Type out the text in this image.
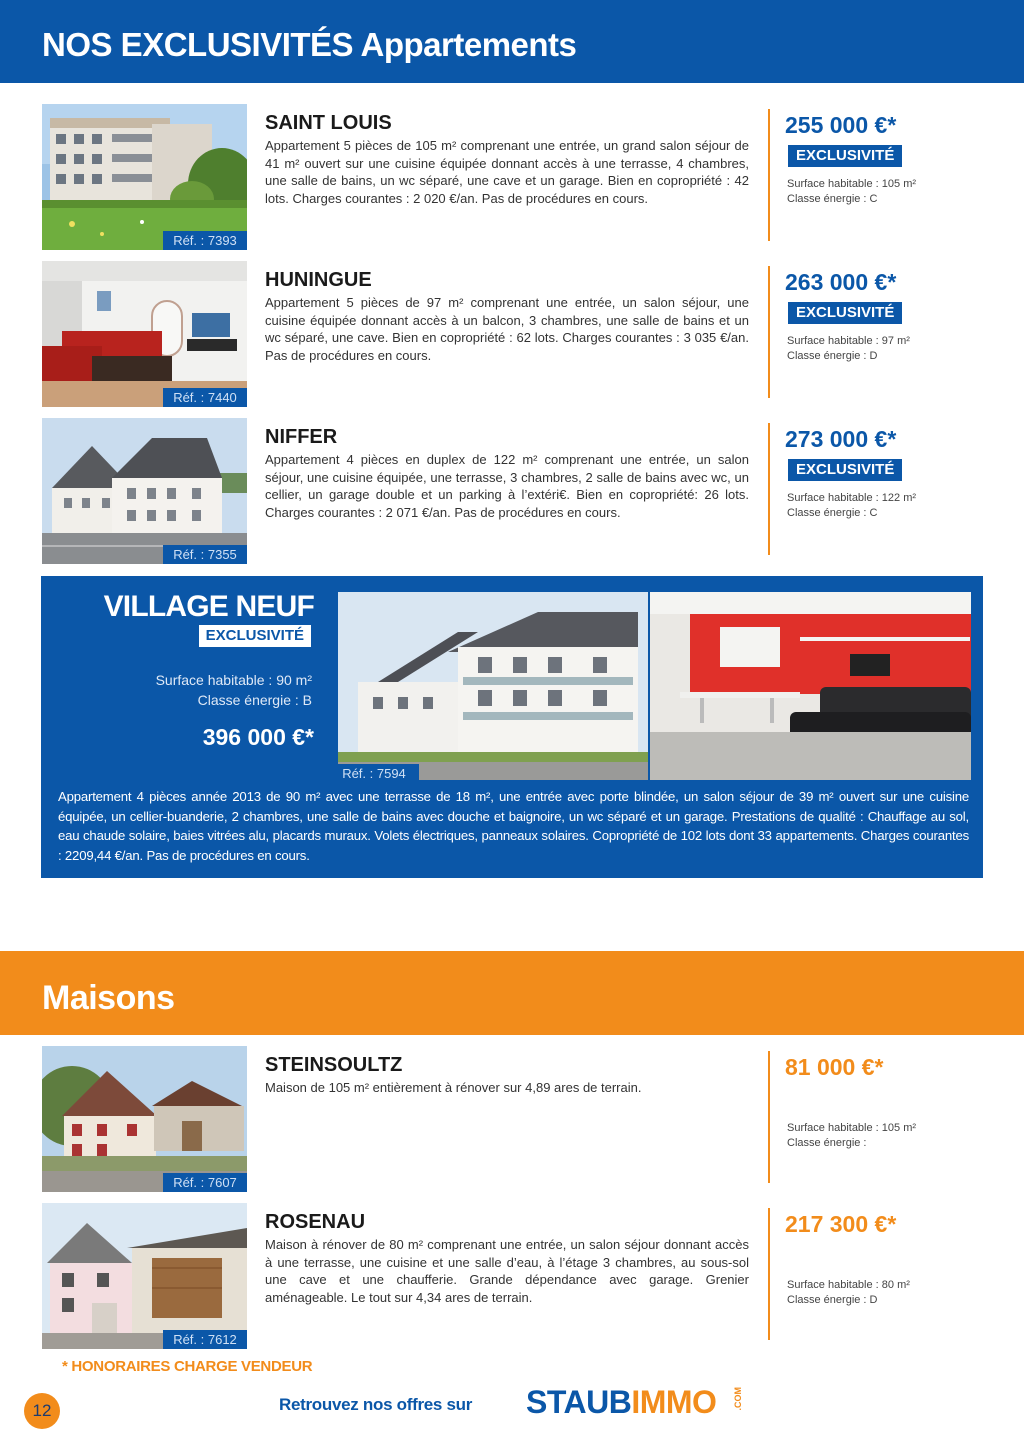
NOS EXCLUSIVITÉS Appartements
Réf. : 7393
SAINT LOUIS

Appartement 5 pièces de 105 m² comprenant une entrée, un grand salon séjour de 41 m² ouvert sur une cuisine équipée donnant accès à une terrasse, 4 chambres, une salle de bains, un wc séparé, une cave et un garage. Bien en copropriété : 42 lots. Charges courantes : 2 020 €/an. Pas de procédures en cours.

255 000 €*
EXCLUSIVITÉ
Surface habitable : 105 m²
Classe énergie : C
Réf. : 7440
HUNINGUE

Appartement 5 pièces de 97 m² comprenant une entrée, un salon séjour, une cuisine équipée donnant accès à un balcon, 3 chambres, une salle de bains et un wc séparé, une cave. Bien en copropriété : 62 lots. Charges courantes : 3 035 €/an. Pas de procédures en cours.

263 000 €*
EXCLUSIVITÉ
Surface habitable : 97 m²
Classe énergie : D
Réf. : 7355
NIFFER

Appartement 4 pièces en duplex de 122 m² comprenant une entrée, un salon séjour, une cuisine équipée, une terrasse, 3 chambres, 2 salle de bains avec wc, un cellier, un garage double et un parking à l’extéri€. Bien en copropriété: 26 lots. Charges courantes : 2 071 €/an. Pas de procédures en cours.

273 000 €*
EXCLUSIVITÉ
Surface habitable : 122 m²
Classe énergie : C
VILLAGE NEUF
EXCLUSIVITÉ
Surface habitable : 90 m²
Classe énergie : B
396 000 €*
Réf. : 7594

Appartement 4 pièces année 2013 de 90 m² avec une terrasse de 18 m², une entrée avec porte blindée, un salon séjour de 39 m² ouvert sur une cuisine équipée, un cellier-buanderie, 2 chambres, une salle de bains avec douche et baignoire, un wc séparé et un garage. Prestations de qualité : Chauffage au sol, eau chaude solaire, baies vitrées alu, placards muraux. Volets électriques, panneaux solaires. Copropriété de 102 lots dont 33 appartements. Charges courantes : 2209,44 €/an. Pas de procédures en cours.

Maisons
Réf. : 7607
STEINSOULTZ

Maison de 105 m² entièrement à rénover sur 4,89 ares de terrain.

81 000 €*
Surface habitable : 105 m²
Classe énergie :
Réf. : 7612
ROSENAU

Maison à rénover de 80 m² comprenant une entrée, un salon séjour donnant accès à une terrasse, une cuisine et une salle d’eau, à l’étage 3 chambres, au sous-sol une cave et une chaufferie. Grande dépendance avec garage. Grenier aménageable. Le tout sur 4,34 ares de terrain.

217 300 €*
Surface habitable : 80 m²
Classe énergie : D
* HONORAIRES CHARGE VENDEUR
12	Retrouvez nos offres sur STAUBIMMO .COM
